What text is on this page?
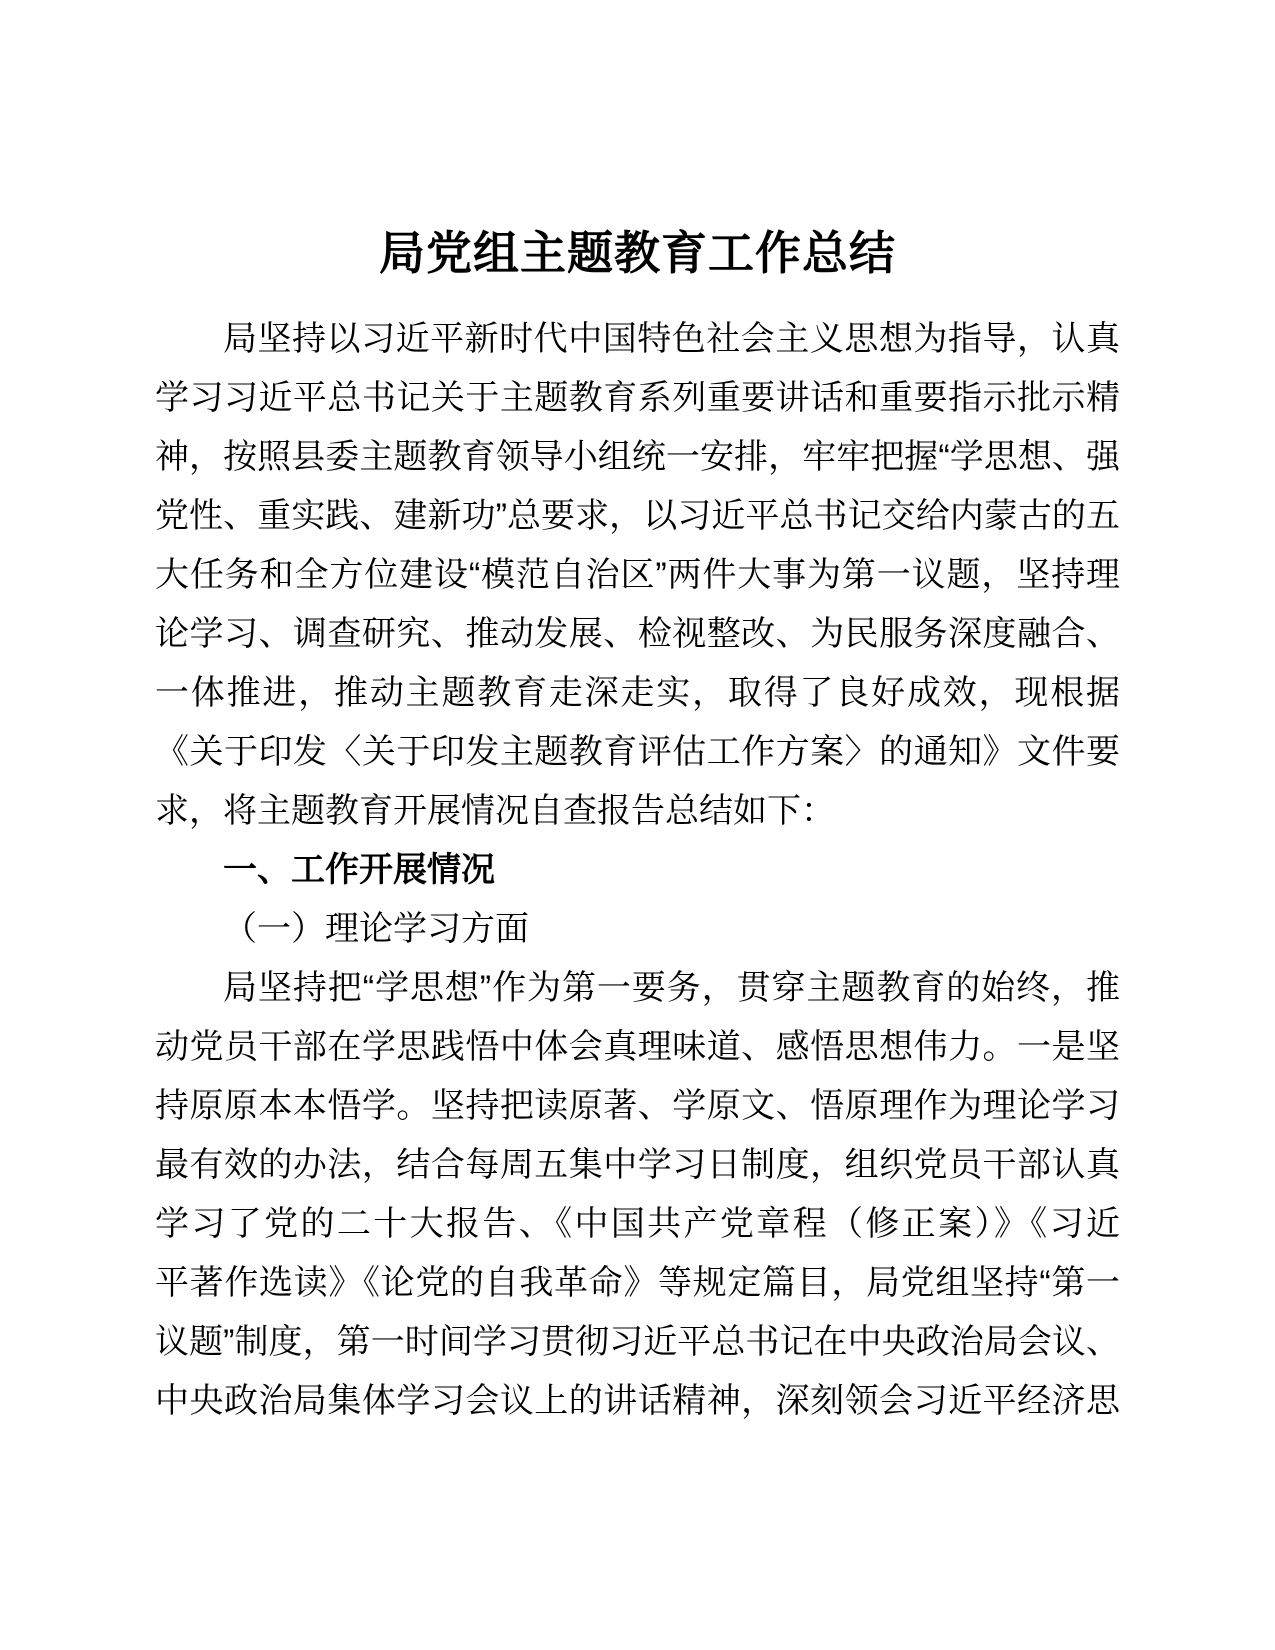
局党组主题教育工作总结
局坚持以习近平新时代中国特色社会主义思想为指导，认真
学习习近平总书记关于主题教育系列重要讲话和重要指示批示精
神，按照县委主题教育领导小组统一安排，牢牢把握“学思想、强
党性、重实践、建新功”总要求，以习近平总书记交给内蒙古的五
大任务和全方位建设“模范自治区”两件大事为第一议题，坚持理
论学习、调查研究、推动发展、检视整改、为民服务深度融合、
一体推进，推动主题教育走深走实，取得了良好成效，现根据
《关于印发〈关于印发主题教育评估工作方案〉的通知》文件要
求，将主题教育开展情况自查报告总结如下：
一、工作开展情况
（一）理论学习方面
局坚持把“学思想”作为第一要务，贯穿主题教育的始终，推
动党员干部在学思践悟中体会真理味道、感悟思想伟力。一是坚
持原原本本悟学。坚持把读原著、学原文、悟原理作为理论学习
最有效的办法，结合每周五集中学习日制度，组织党员干部认真
学习了党的二十大报告、《中国共产党章程（修正案）》《习近
平著作选读》《论党的自我革命》等规定篇目，局党组坚持“第一
议题”制度，第一时间学习贯彻习近平总书记在中央政治局会议、
中央政治局集体学习会议上的讲话精神，深刻领会习近平经济思
